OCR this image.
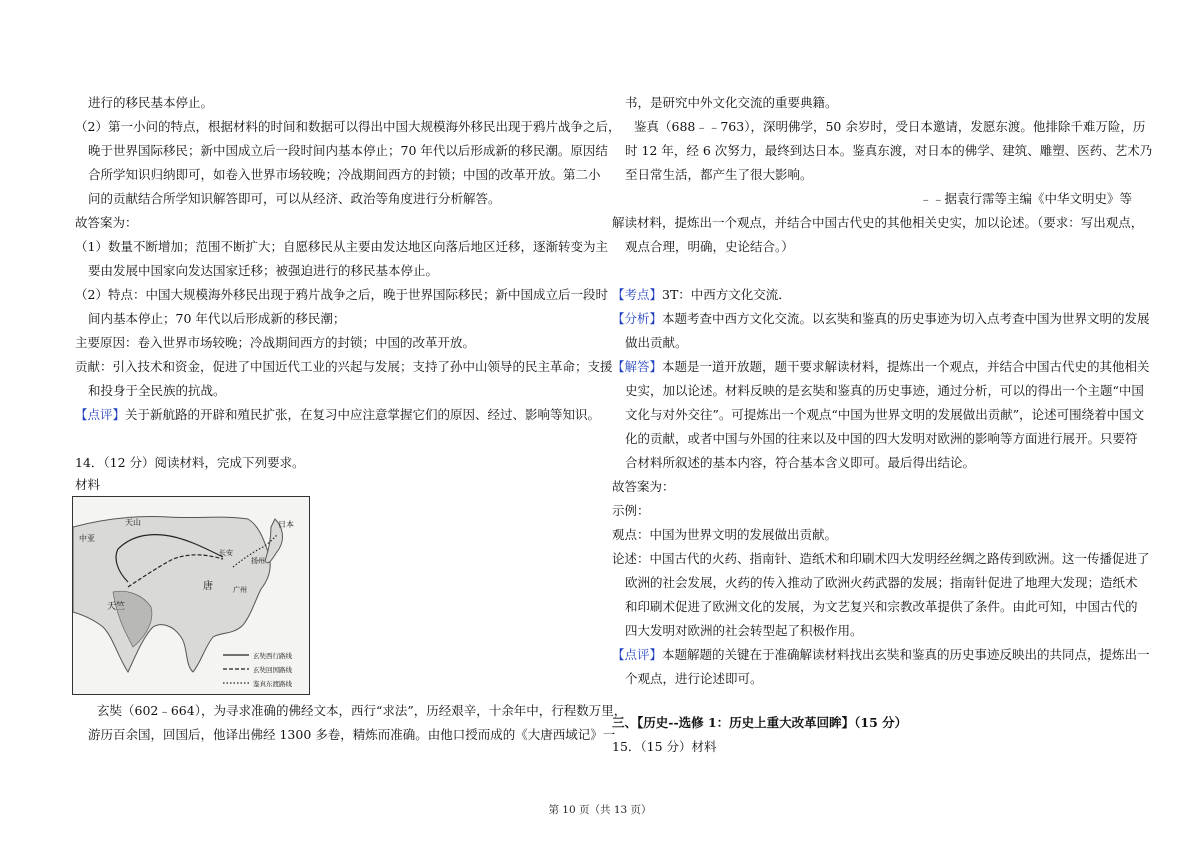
进行的移民基本停止。
（2）第一小问的特点，根据材料的时间和数据可以得出中国大规模海外移民出现于鸦片战争之后，
晚于世界国际移民；新中国成立后一段时间内基本停止；70 年代以后形成新的移民潮。原因结
合所学知识归纳即可，如卷入世界市场较晚；冷战期间西方的封锁；中国的改革开放。第二小
问的贡献结合所学知识解答即可，可以从经济、政治等角度进行分析解答。
故答案为：
（1）数量不断增加；范围不断扩大；自愿移民从主要由发达地区向落后地区迁移，逐渐转变为主
要由发展中国家向发达国家迁移；被强迫进行的移民基本停止。
（2）特点：中国大规模海外移民出现于鸦片战争之后，晚于世界国际移民；新中国成立后一段时
间内基本停止；70 年代以后形成新的移民潮；
主要原因：卷入世界市场较晚；冷战期间西方的封锁；中国的改革开放。
贡献：引入技术和资金，促进了中国近代工业的兴起与发展；支持了孙中山领导的民主革命；支援
和投身于全民族的抗战。
【点评】关于新航路的开辟和殖民扩张，在复习中应注意掌握它们的原因、经过、影响等知识。
14．（12 分）阅读材料，完成下列要求。
材料
天山
中亚
天竺
日本
唐
长安
广州
扬州
玄奘西行路线
玄奘回国路线
鉴真东渡路线
玄奘（602﹣664），为寻求准确的佛经文本，西行“求法”，历经艰辛，十余年中，行程数万里，
游历百余国，回国后，他译出佛经 1300 多卷，精炼而准确。由他口授而成的《大唐西域记》一
书，是研究中外文化交流的重要典籍。
鉴真（688﹣﹣763），深明佛学，50 余岁时，受日本邀请，发愿东渡。他排除千难万险，历
时 12 年，经 6 次努力，最终到达日本。鉴真东渡，对日本的佛学、建筑、雕塑、医药、艺术乃
至日常生活，都产生了很大影响。
﹣﹣据袁行霈等主编《中华文明史》等
解读材料，提炼出一个观点，并结合中国古代史的其他相关史实，加以论述。（要求：写出观点，
观点合理，明确，史论结合。）
【考点】3T：中西方文化交流．
【分析】本题考查中西方文化交流。以玄奘和鉴真的历史事迹为切入点考查中国为世界文明的发展
做出贡献。
【解答】本题是一道开放题，题干要求解读材料，提炼出一个观点，并结合中国古代史的其他相关
史实，加以论述。材料反映的是玄奘和鉴真的历史事迹，通过分析，可以的得出一个主题“中国
文化与对外交往”。可提炼出一个观点“中国为世界文明的发展做出贡献”，论述可围绕着中国文
化的贡献，或者中国与外国的往来以及中国的四大发明对欧洲的影响等方面进行展开。只要符
合材料所叙述的基本内容，符合基本含义即可。最后得出结论。
故答案为：
示例：
观点：中国为世界文明的发展做出贡献。
论述：中国古代的火药、指南针、造纸术和印刷术四大发明经丝绸之路传到欧洲。这一传播促进了
欧洲的社会发展，火药的传入推动了欧洲火药武器的发展；指南针促进了地理大发现；造纸术
和印刷术促进了欧洲文化的发展，为文艺复兴和宗教改革提供了条件。由此可知，中国古代的
四大发明对欧洲的社会转型起了积极作用。
【点评】本题解题的关键在于准确解读材料找出玄奘和鉴真的历史事迹反映出的共同点，提炼出一
个观点，进行论述即可。
三、【历史--选修 1：历史上重大改革回眸】（15 分）
15．（15 分）材料
第 10 页（共 13 页）
